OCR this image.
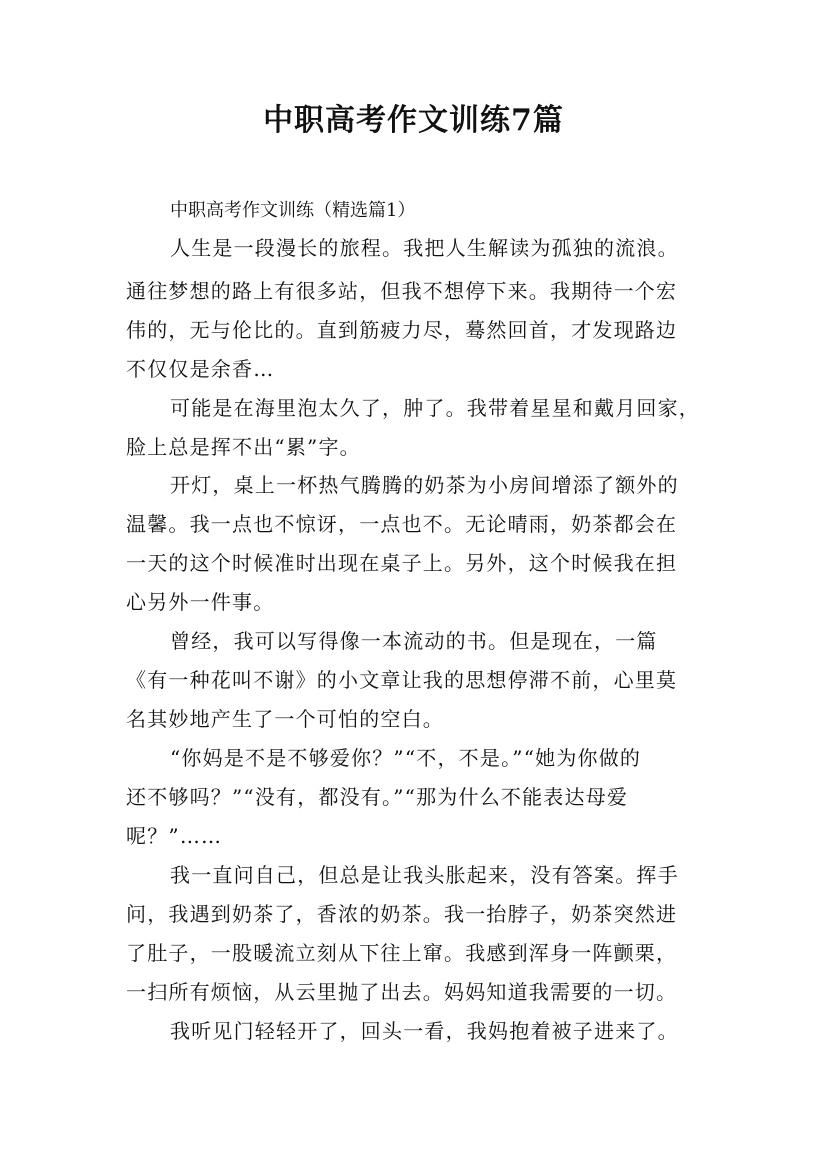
中职高考作文训练7篇
中职高考作文训练（精选篇1）
人生是一段漫长的旅程。我把人生解读为孤独的流浪。
通往梦想的路上有很多站，但我不想停下来。我期待一个宏
伟的，无与伦比的。直到筋疲力尽，蓦然回首，才发现路边
不仅仅是余香…
可能是在海里泡太久了，肿了。我带着星星和戴月回家，
脸上总是挥不出“累”字。
开灯，桌上一杯热气腾腾的奶茶为小房间增添了额外的
温馨。我一点也不惊讶，一点也不。无论晴雨，奶茶都会在
一天的这个时候准时出现在桌子上。另外，这个时候我在担
心另外一件事。
曾经，我可以写得像一本流动的书。但是现在，一篇
《有一种花叫不谢》的小文章让我的思想停滞不前，心里莫
名其妙地产生了一个可怕的空白。
“你妈是不是不够爱你？”“不，不是。”“她为你做的
还不够吗？”“没有，都没有。”“那为什么不能表达母爱
呢？”……
我一直问自己，但总是让我头胀起来，没有答案。挥手
问，我遇到奶茶了，香浓的奶茶。我一抬脖子，奶茶突然进
了肚子，一股暖流立刻从下往上窜。我感到浑身一阵颤栗，
一扫所有烦恼，从云里抛了出去。妈妈知道我需要的一切。
我听见门轻轻开了，回头一看，我妈抱着被子进来了。
